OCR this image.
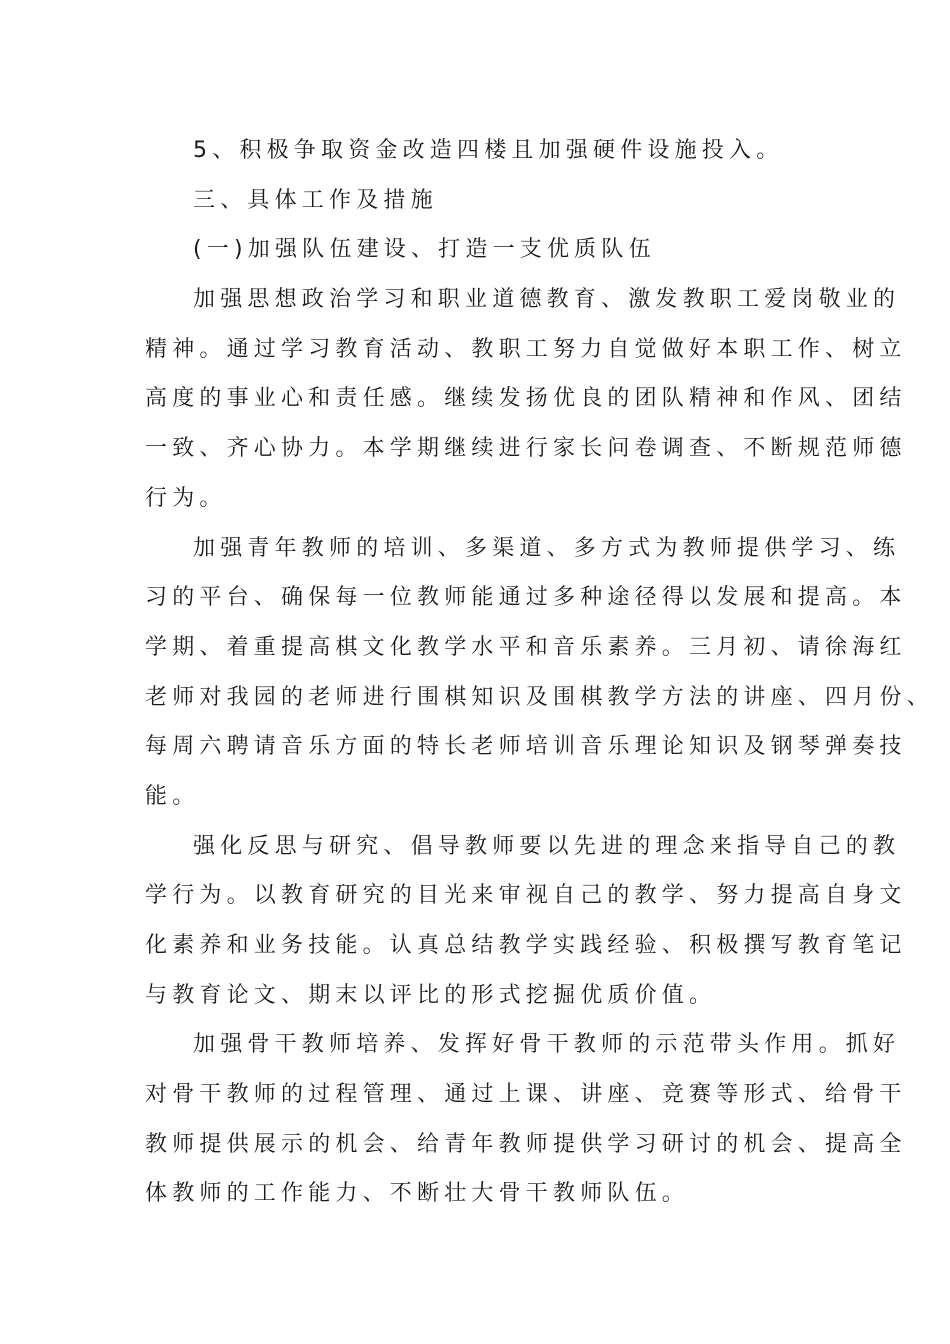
5、积极争取资金改造四楼且加强硬件设施投入。
三、具体工作及措施
(一)加强队伍建设、打造一支优质队伍
加强思想政治学习和职业道德教育、激发教职工爱岗敬业的
精神。通过学习教育活动、教职工努力自觉做好本职工作、树立
高度的事业心和责任感。继续发扬优良的团队精神和作风、团结
一致、齐心协力。本学期继续进行家长问卷调查、不断规范师德
行为。
加强青年教师的培训、多渠道、多方式为教师提供学习、练
习的平台、确保每一位教师能通过多种途径得以发展和提高。本
学期、着重提高棋文化教学水平和音乐素养。三月初、请徐海红
老师对我园的老师进行围棋知识及围棋教学方法的讲座、四月份、
每周六聘请音乐方面的特长老师培训音乐理论知识及钢琴弹奏技
能。
强化反思与研究、倡导教师要以先进的理念来指导自己的教
学行为。以教育研究的目光来审视自己的教学、努力提高自身文
化素养和业务技能。认真总结教学实践经验、积极撰写教育笔记
与教育论文、期末以评比的形式挖掘优质价值。
加强骨干教师培养、发挥好骨干教师的示范带头作用。抓好
对骨干教师的过程管理、通过上课、讲座、竞赛等形式、给骨干
教师提供展示的机会、给青年教师提供学习研讨的机会、提高全
体教师的工作能力、不断壮大骨干教师队伍。
